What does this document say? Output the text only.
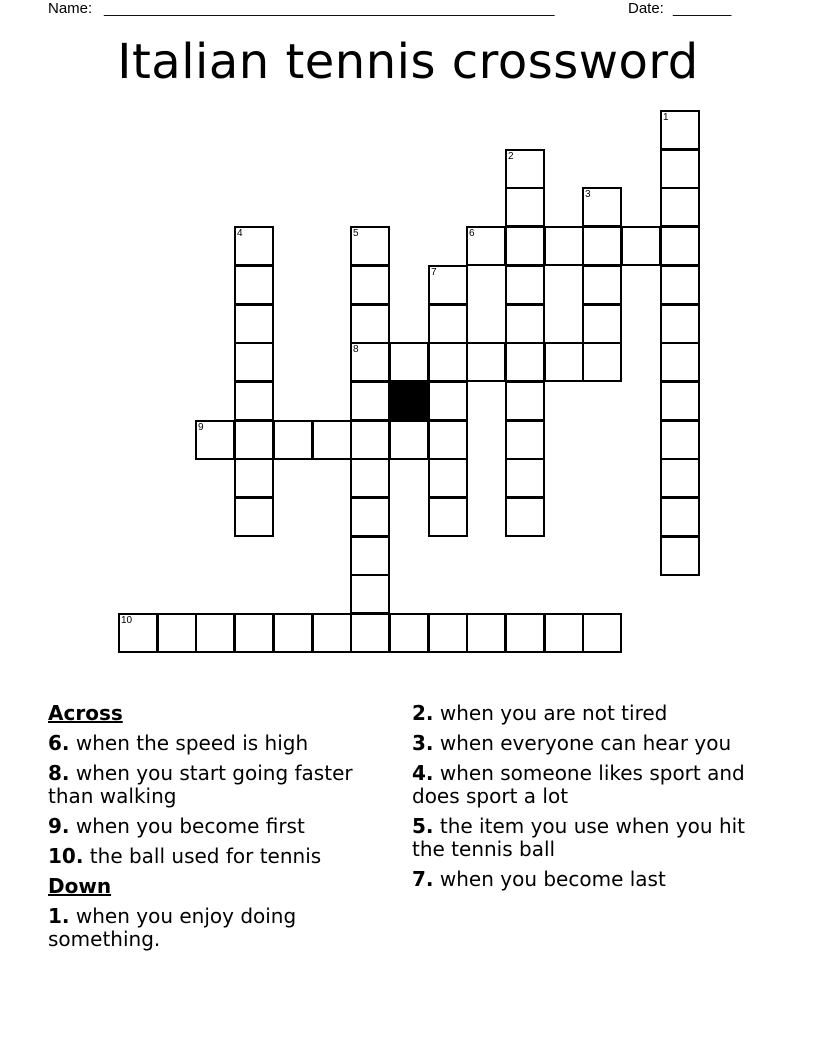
Name: ______________________________________________________	Date: _______
Italian tennis crossword
1
2
3
4	5
8
6
7
9
10
Across
6. when the speed is high
8. when you start going faster than walking
9. when you become first
10. the ball used for tennis
Down
1. when you enjoy doing something.
2. when you are not tired
3. when everyone can hear you
4. when someone likes sport and does sport a lot
5. the item you use when you hit the tennis ball
7. when you become last
